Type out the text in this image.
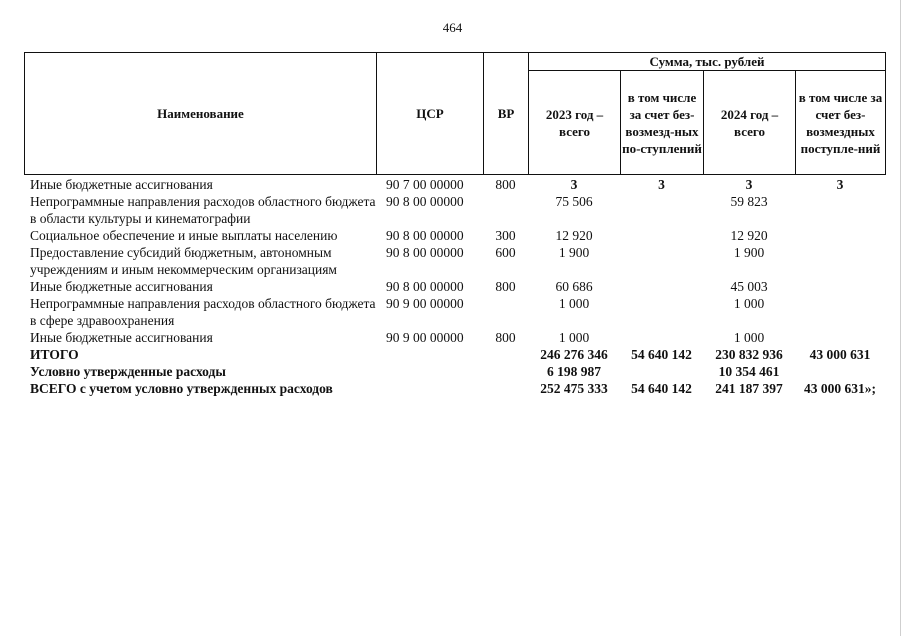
464
Наименование	ЦСР	ВР	Сумма, тыс. рублей			
			2023 год – всего	в том числе за счет без-возмезд-ных по-ступлений	2024 год – всего	в том числе за счет без-возмездных поступле-ний
Иные бюджетные ассигнования	90 7 00 00000	800	3	3	3	3
Непрограммные направления расходов областного бюджета в области культуры и кинематографии	90 8 00 00000		75 506		59 823	
Социальное обеспечение и иные выплаты населению	90 8 00 00000	300	12 920		12 920	
Предоставление субсидий бюджетным, автономным учреждениям и иным некоммерческим организациям	90 8 00 00000	600	1 900		1 900	
Иные бюджетные ассигнования	90 8 00 00000	800	60 686		45 003	
Непрограммные направления расходов областного бюджета в сфере здравоохранения	90 9 00 00000		1 000		1 000	
Иные бюджетные ассигнования	90 9 00 00000	800	1 000		1 000	
ИТОГО			246 276 346	54 640 142	230 832 936	43 000 631
Условно утвержденные расходы			6 198 987		10 354 461	
ВСЕГО с учетом условно утвержденных расходов			252 475 333	54 640 142	241 187 397	43 000 631»;
